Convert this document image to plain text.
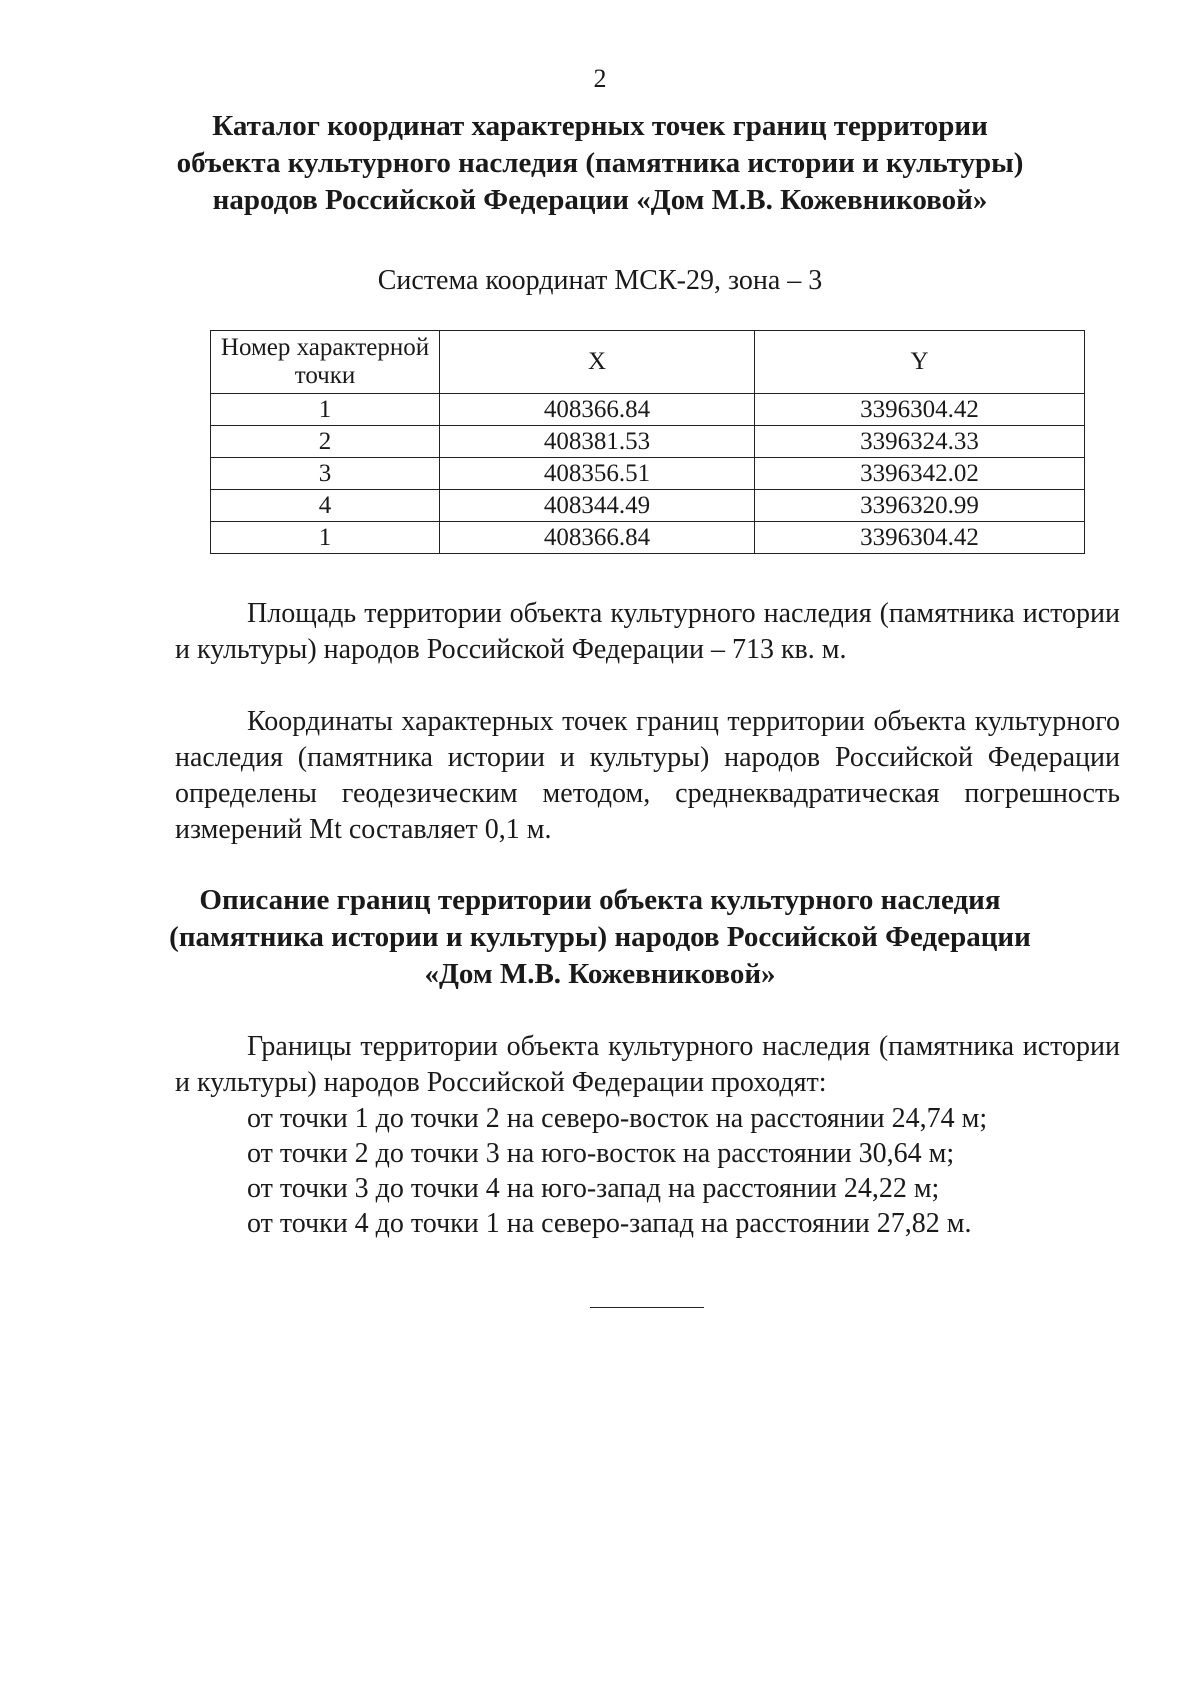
2
Каталог координат характерных точек границ территории
объекта культурного наследия (памятника истории и культуры)
народов Российской Федерации «Дом М.В. Кожевниковой»
Система координат МСК-29, зона – 3
Номер характерной точки	X	Y
1	408366.84	3396304.42
2	408381.53	3396324.33
3	408356.51	3396342.02
4	408344.49	3396320.99
1	408366.84	3396304.42

Площадь территории объекта культурного наследия (памятника истории и культуры) народов Российской Федерации – 713 кв. м.

Координаты характерных точек границ территории объекта культурного наследия (памятника истории и культуры) народов Российской Федерации определены геодезическим методом, среднеквадратическая погрешность измерений Mt составляет 0,1 м.

Описание границ территории объекта культурного наследия
(памятника истории и культуры) народов Российской Федерации
«Дом М.В. Кожевниковой»

Границы территории объекта культурного наследия (памятника истории и культуры) народов Российской Федерации проходят:

от точки 1 до точки 2 на северо-восток на расстоянии 24,74 м;
от точки 2 до точки 3 на юго-восток на расстоянии 30,64 м;
от точки 3 до точки 4 на юго-запад на расстоянии 24,22 м;
от точки 4 до точки 1 на северо-запад на расстоянии 27,82 м.
